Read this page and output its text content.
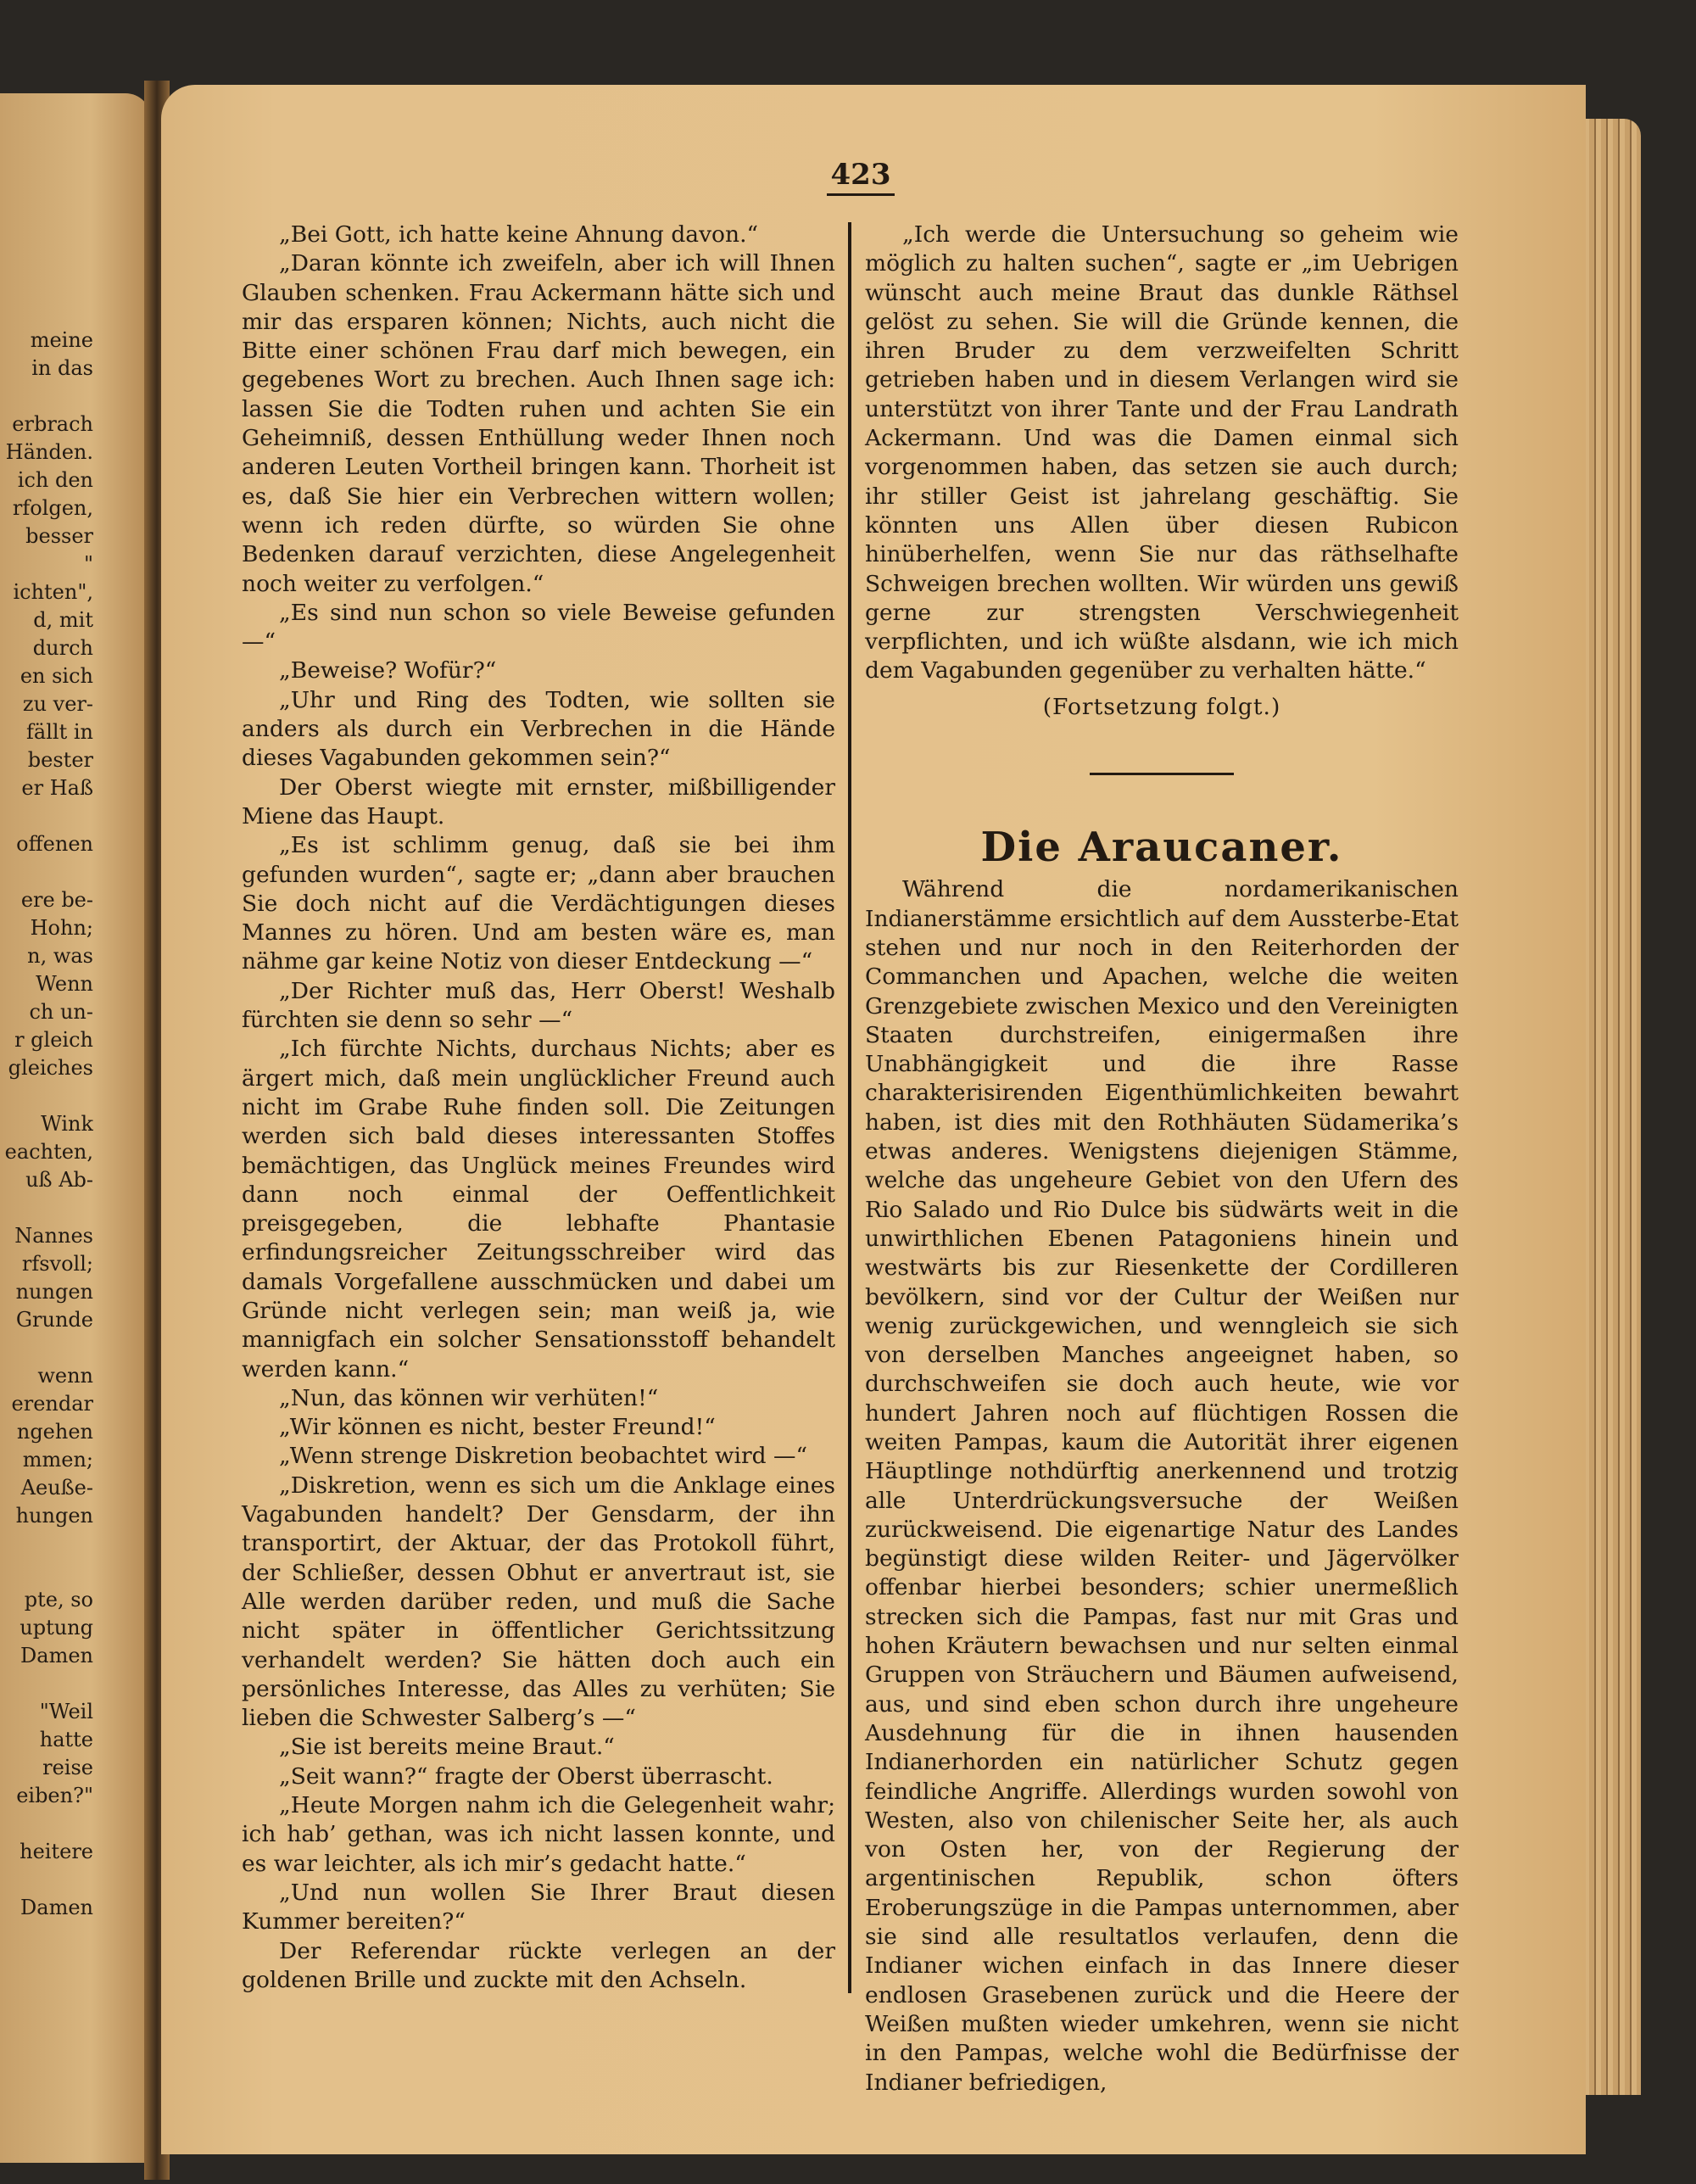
meine
in das
erbrach
Händen.
ich den
rfolgen,
besser
"
ichten",
d, mit
durch
en sich
zu ver-
fällt in
bester
er Haß
offenen
ere be-
Hohn;
n, was
Wenn
ch un-
r gleich
gleiches
Wink
eachten,
uß Ab-
Nannes
rfsvoll;
nungen
Grunde
wenn
erendar
ngehen
mmen;
Aeuße-
hungen
pte, so
uptung
Damen
"Weil
hatte
reise
eiben?"
heitere
Damen
423

„Bei Gott, ich hatte keine Ahnung davon.“

„Daran könnte ich zweifeln, aber ich will Ihnen Glauben schenken. Frau Ackermann hätte sich und mir das ersparen können; Nichts, auch nicht die Bitte einer schönen Frau darf mich bewegen, ein gegebenes Wort zu brechen. Auch Ihnen sage ich: lassen Sie die Todten ruhen und achten Sie ein Geheimniß, dessen Enthüllung weder Ihnen noch anderen Leuten Vortheil bringen kann. Thorheit ist es, daß Sie hier ein Verbrechen wittern wollen; wenn ich reden dürfte, so würden Sie ohne Bedenken darauf verzichten, diese Angelegenheit noch weiter zu verfolgen.“

„Es sind nun schon so viele Beweise gefunden —“

„Beweise? Wofür?“

„Uhr und Ring des Todten, wie sollten sie anders als durch ein Verbrechen in die Hände dieses Vagabunden gekommen sein?“

Der Oberst wiegte mit ernster, mißbilligender Miene das Haupt.

„Es ist schlimm genug, daß sie bei ihm gefunden wurden“, sagte er; „dann aber brauchen Sie doch nicht auf die Verdächtigungen dieses Mannes zu hören. Und am besten wäre es, man nähme gar keine Notiz von dieser Entdeckung —“

„Der Richter muß das, Herr Oberst! Weshalb fürchten sie denn so sehr —“

„Ich fürchte Nichts, durchaus Nichts; aber es ärgert mich, daß mein unglücklicher Freund auch nicht im Grabe Ruhe finden soll. Die Zeitungen werden sich bald dieses interessanten Stoffes bemächtigen, das Unglück meines Freundes wird dann noch einmal der Oeffentlichkeit preisgegeben, die lebhafte Phantasie erfindungsreicher Zeitungsschreiber wird das damals Vorgefallene ausschmücken und dabei um Gründe nicht verlegen sein; man weiß ja, wie mannigfach ein solcher Sensationsstoff behandelt werden kann.“

„Nun, das können wir verhüten!“

„Wir können es nicht, bester Freund!“

„Wenn strenge Diskretion beobachtet wird —“

„Diskretion, wenn es sich um die Anklage eines Vagabunden handelt? Der Gensdarm, der ihn transportirt, der Aktuar, der das Protokoll führt, der Schließer, dessen Obhut er anvertraut ist, sie Alle werden darüber reden, und muß die Sache nicht später in öffentlicher Gerichtssitzung verhandelt werden? Sie hätten doch auch ein persönliches Interesse, das Alles zu verhüten; Sie lieben die Schwester Salberg’s —“

„Sie ist bereits meine Braut.“

„Seit wann?“ fragte der Oberst überrascht.

„Heute Morgen nahm ich die Gelegenheit wahr; ich hab’ gethan, was ich nicht lassen konnte, und es war leichter, als ich mir’s gedacht hatte.“

„Und nun wollen Sie Ihrer Braut diesen Kummer bereiten?“

Der Referendar rückte verlegen an der goldenen Brille und zuckte mit den Achseln.

„Ich werde die Untersuchung so geheim wie möglich zu halten suchen“, sagte er „im Uebrigen wünscht auch meine Braut das dunkle Räthsel gelöst zu sehen. Sie will die Gründe kennen, die ihren Bruder zu dem verzweifelten Schritt getrieben haben und in diesem Verlangen wird sie unterstützt von ihrer Tante und der Frau Landrath Ackermann. Und was die Damen einmal sich vorgenommen haben, das setzen sie auch durch; ihr stiller Geist ist jahrelang geschäftig. Sie könnten uns Allen über diesen Rubicon hinüberhelfen, wenn Sie nur das räthselhafte Schweigen brechen wollten. Wir würden uns gewiß gerne zur strengsten Verschwiegenheit verpflichten, und ich wüßte alsdann, wie ich mich dem Vagabunden gegenüber zu verhalten hätte.“

(Fortsetzung folgt.)

Die Araucaner.

Während die nordamerikanischen Indianerstämme ersichtlich auf dem Aussterbe-Etat stehen und nur noch in den Reiterhorden der Commanchen und Apachen, welche die weiten Grenzgebiete zwischen Mexico und den Vereinigten Staaten durchstreifen, einigermaßen ihre Unabhängigkeit und die ihre Rasse charakterisirenden Eigenthümlichkeiten bewahrt haben, ist dies mit den Rothhäuten Südamerika’s etwas anderes. Wenigstens diejenigen Stämme, welche das ungeheure Gebiet von den Ufern des Rio Salado und Rio Dulce bis südwärts weit in die unwirthlichen Ebenen Patagoniens hinein und westwärts bis zur Riesenkette der Cordilleren bevölkern, sind vor der Cultur der Weißen nur wenig zurückgewichen, und wenngleich sie sich von derselben Manches angeeignet haben, so durchschweifen sie doch auch heute, wie vor hundert Jahren noch auf flüchtigen Rossen die weiten Pampas, kaum die Autorität ihrer eigenen Häuptlinge nothdürftig anerkennend und trotzig alle Unterdrückungsversuche der Weißen zurückweisend. Die eigenartige Natur des Landes begünstigt diese wilden Reiter- und Jägervölker offenbar hierbei besonders; schier unermeßlich strecken sich die Pampas, fast nur mit Gras und hohen Kräutern bewachsen und nur selten einmal Gruppen von Sträuchern und Bäumen aufweisend, aus, und sind eben schon durch ihre ungeheure Ausdehnung für die in ihnen hausenden Indianerhorden ein natürlicher Schutz gegen feindliche Angriffe. Allerdings wurden sowohl von Westen, also von chilenischer Seite her, als auch von Osten her, von der Regierung der argentinischen Republik, schon öfters Eroberungszüge in die Pampas unternommen, aber sie sind alle resultatlos verlaufen, denn die Indianer wichen einfach in das Innere dieser endlosen Grasebenen zurück und die Heere der Weißen mußten wieder umkehren, wenn sie nicht in den Pampas, welche wohl die Bedürfnisse der Indianer befriedigen,
